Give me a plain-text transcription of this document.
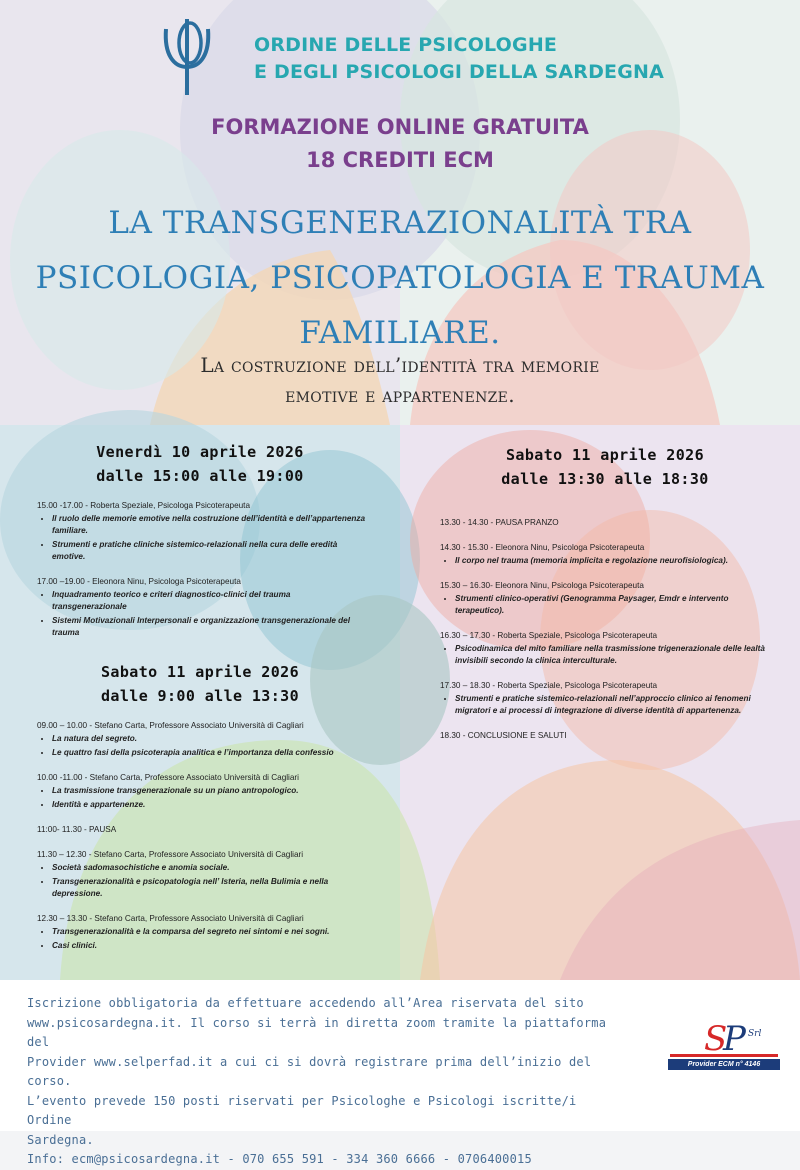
ORDINE DELLE PSICOLOGHE
E DEGLI PSICOLOGI DELLA SARDEGNA
FORMAZIONE ONLINE GRATUITA
18 CREDITI ECM
LA TRANSGENERAZIONALITÀ TRA
PSICOLOGIA, PSICOPATOLOGIA E TRAUMA
FAMILIARE.
La costruzione dell’identità tra memorie
emotive e appartenenze.
Venerdì 10 aprile 2026
dalle 15:00 alle 19:00
15.00 -17.00 - Roberta Speziale, Psicologa Psicoterapeuta
• Il ruolo delle memorie emotive nella costruzione dell’identità e dell’appartenenza familiare.
• Strumenti e pratiche cliniche sistemico-relazionali nella cura delle eredità emotive.
17.00 –19.00 - Eleonora Ninu, Psicologa Psicoterapeuta
• Inquadramento teorico e criteri diagnostico-clinici del trauma transgenerazionale
• Sistemi Motivazionali Interpersonali e organizzazione transgenerazionale del trauma
Sabato 11 aprile 2026
dalle 9:00 alle 13:30
09.00 – 10.00 - Stefano Carta, Professore Associato Università di Cagliari
• La natura del segreto.
• Le quattro fasi della psicoterapia analitica e l’importanza della confessio
10.00 -11.00 - Stefano Carta, Professore Associato Università di Cagliari
• La trasmissione transgenerazionale su un piano antropologico.
• Identità e appartenenze.
11:00- 11.30 - PAUSA
11.30 – 12.30 - Stefano Carta, Professore Associato Università di Cagliari
• Società sadomasochistiche e anomia sociale.
• Transgenerazionalità e psicopatologia nell’ Isteria, nella Bulimia e nella depressione.
12.30 – 13.30 - Stefano Carta, Professore Associato Università di Cagliari
• Transgenerazionalità e la comparsa del segreto nei sintomi e nei sogni.
• Casi clinici.
Sabato 11 aprile 2026
dalle 13:30 alle 18:30
13.30 - 14.30 - PAUSA PRANZO
14.30 - 15.30 - Eleonora Ninu, Psicologa Psicoterapeuta
• Il corpo nel trauma (memoria implicita e regolazione neurofisiologica).
15.30 – 16.30- Eleonora Ninu, Psicologa Psicoterapeuta
• Strumenti clinico-operativi (Genogramma Paysager, Emdr e intervento terapeutico).
16.30 – 17.30 - Roberta Speziale, Psicologa Psicoterapeuta
• Psicodinamica del mito familiare nella trasmissione trigenerazionale delle lealtà invisibili secondo la clinica interculturale.
17.30 – 18.30 - Roberta Speziale, Psicologa Psicoterapeuta
• Strumenti e pratiche sistemico-relazionali nell’approccio clinico ai fenomeni migratori e ai processi di integrazione di diverse identità di appartenenza.
18.30 - CONCLUSIONE E SALUTI
Iscrizione obbligatoria da effettuare accedendo all’Area riservata del sito
www.psicosardegna.it. Il corso si terrà in diretta zoom tramite la piattaforma del
Provider www.selperfad.it a cui ci si dovrà registrare prima dell’inizio del corso.
L’evento prevede 150 posti riservati per Psicologhe e Psicologi iscritte/i Ordine
Sardegna.
Info: ecm@psicosardegna.it - 070 655 591 - 334 360 6666 - 0706400015
S
P Srl
Provider ECM n° 4146
